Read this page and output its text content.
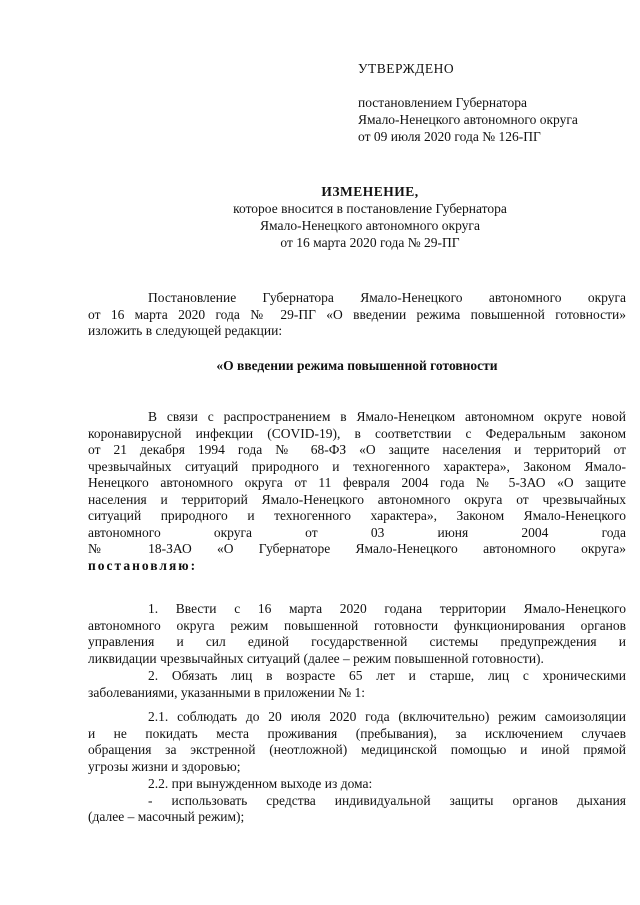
УТВЕРЖДЕНО

постановлением Губернатора

Ямало-Ненецкого автономного округа

от 09 июля 2020 года № 126-ПГ

ИЗМЕНЕНИЕ,

которое вносится в постановление Губернатора

Ямало-Ненецкого автономного округа

от 16 марта 2020 года № 29-ПГ

Постановление Губернатора Ямало-Ненецкого автономного округа

от 16 марта 2020 года № 29-ПГ «О введении режима повышенной готовности»

изложить в следующей редакции:

«О введении режима повышенной готовности

В связи с распространением в Ямало-Ненецком автономном округе новой

коронавирусной инфекции (COVID-19), в соответствии с Федеральным законом

от 21 декабря 1994 года № 68-ФЗ «О защите населения и территорий от

чрезвычайных ситуаций природного и техногенного характера», Законом Ямало-

Ненецкого автономного округа от 11 февраля 2004 года № 5-ЗАО «О защите

населения и территорий Ямало-Ненецкого автономного округа от чрезвычайных

ситуаций природного и техногенного характера», Законом Ямало-Ненецкого

автономного округа от 03 июня 2004 года

№ 18-ЗАО «О Губернаторе Ямало-Ненецкого автономного округа»

постановляю:

1. Ввести с 16 марта 2020 годана территории Ямало-Ненецкого

автономного округа режим повышенной готовности функционирования органов

управления и сил единой государственной системы предупреждения и

ликвидации чрезвычайных ситуаций (далее – режим повышенной готовности).

2. Обязать лиц в возрасте 65 лет и старше, лиц с хроническими

заболеваниями, указанными в приложении № 1:

2.1. соблюдать до 20 июля 2020 года (включительно) режим самоизоляции

и не покидать места проживания (пребывания), за исключением случаев

обращения за экстренной (неотложной) медицинской помощью и иной прямой

угрозы жизни и здоровью;

2.2. при вынужденном выходе из дома:

- использовать средства индивидуальной защиты органов дыхания

(далее – масочный режим);
